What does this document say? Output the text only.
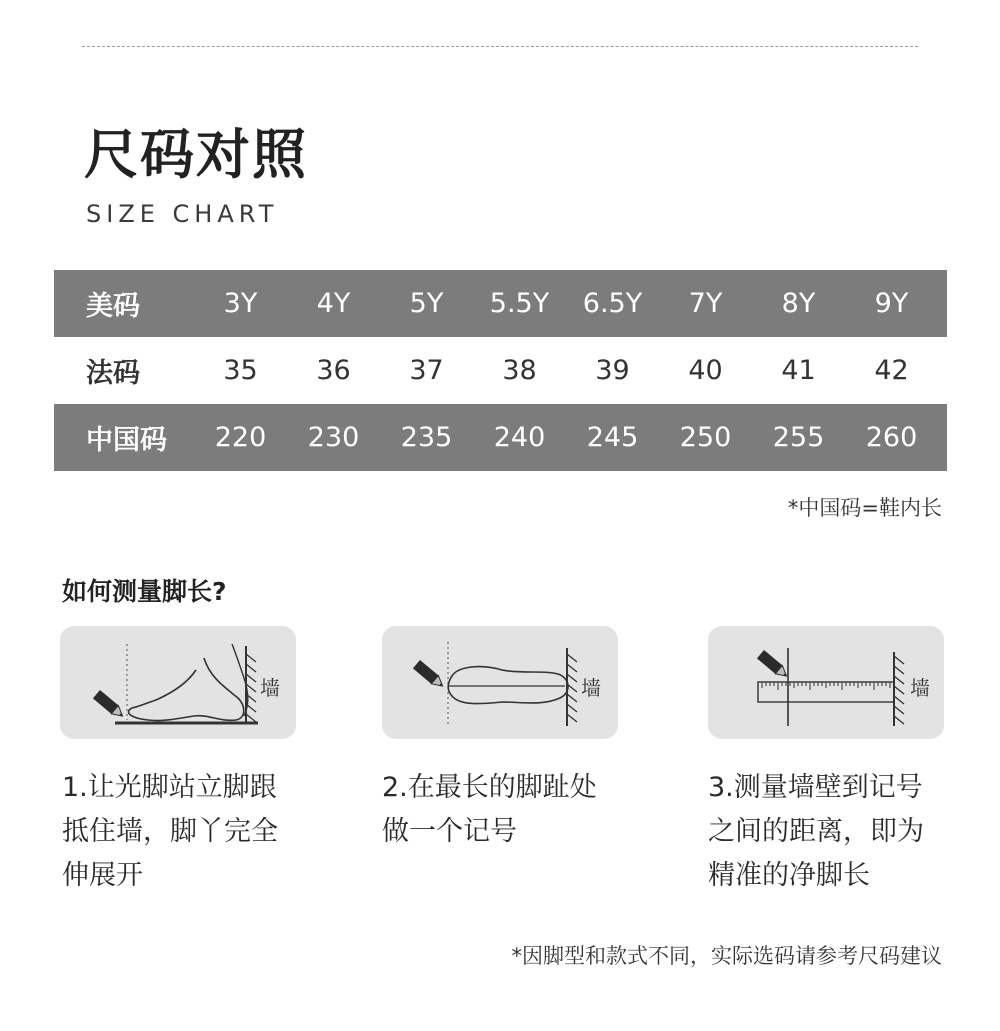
尺码对照
SIZE CHART
美码	3Y	4Y	5Y	5.5Y	6.5Y	7Y	8Y	9Y
法码	35	36	37	38	39	40	41	42
中国码	220	230	235	240	245	250	255	260
*中国码=鞋内长
如何测量脚长?
墙	墙	墙
1.让光脚站立脚跟
抵住墙，脚丫完全
伸展开
2.在最长的脚趾处
做一个记号
3.测量墙壁到记号
之间的距离，即为
精准的净脚长
*因脚型和款式不同，实际选码请参考尺码建议
